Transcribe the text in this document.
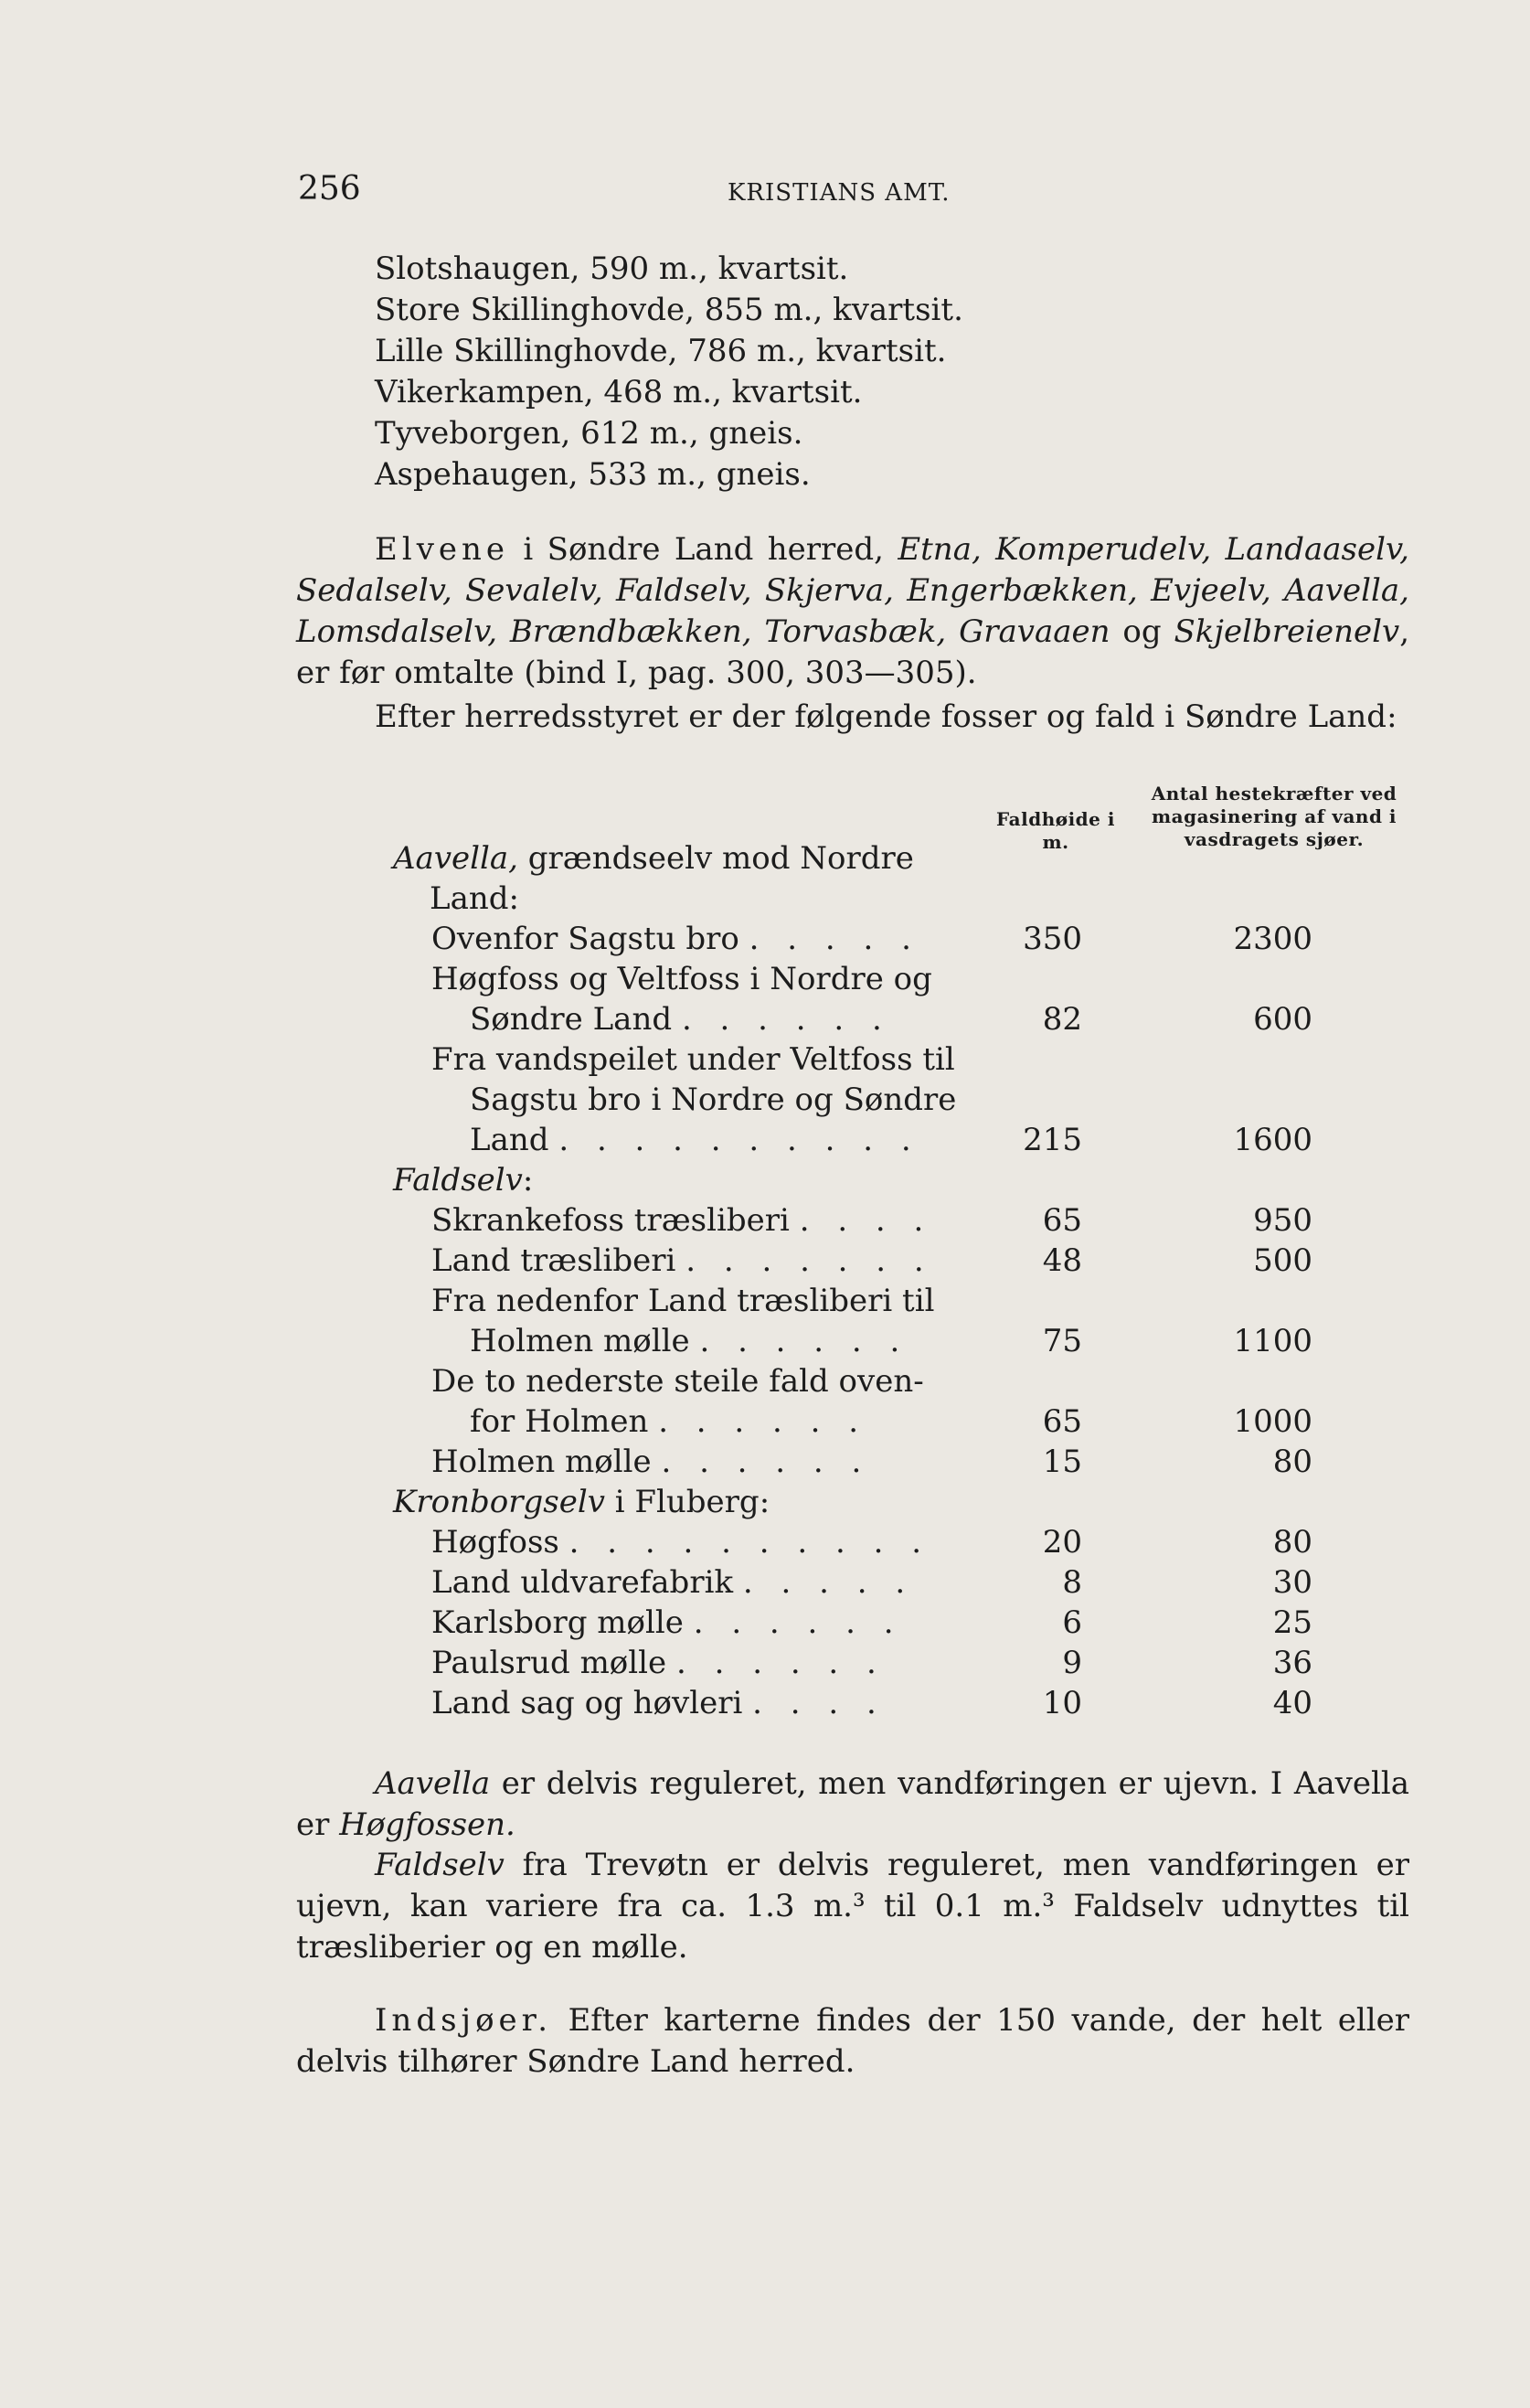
256	KRISTIANS AMT.
Slotshaugen, 590 m., kvartsit.
Store Skillinghovde, 855 m., kvartsit.
Lille Skillinghovde, 786 m., kvartsit.
Vikerkampen, 468 m., kvartsit.
Tyveborgen, 612 m., gneis.
Aspehaugen, 533 m., gneis.
Elvene i Søndre Land herred, Etna, Komperudelv, Landaaselv, Sedalselv, Sevalelv, Faldselv, Skjerva, Engerbækken, Evjeelv, Aavella, Lomsdalselv, Brændbækken, Torvasbæk, Gravaaen og Skjelbreienelv, er før omtalte (bind I, pag. 300, 303—305).
Efter herredsstyret er der følgende fosser og fald i Søndre Land:
Faldhøide i m.
Antal hestekræfter ved magasinering af vand i vasdragets sjøer.
Aavella, grændseelv mod Nordre
Land:
Ovenfor Sagstu bro . . . . .	350	2300
Høgfoss og Veltfoss i Nordre og
Søndre Land . . . . . .	82	600
Fra vandspeilet under Veltfoss til
Sagstu bro i Nordre og Søndre
Land . . . . . . . . . .	215	1600
Faldselv:
Skrankefoss træsliberi . . . .	65	950
Land træsliberi . . . . . . .	48	500
Fra nedenfor Land træsliberi til
Holmen mølle . . . . . .	75	1100
De to nederste steile fald oven-
for Holmen . . . . . .	65	1000
Holmen mølle . . . . . .	15	80
Kronborgselv i Fluberg:
Høgfoss . . . . . . . . . .	20	80
Land uldvarefabrik . . . . .	8	30
Karlsborg mølle . . . . . .	6	25
Paulsrud mølle . . . . . .	9	36
Land sag og høvleri . . . .	10	40
Aavella er delvis reguleret, men vandføringen er ujevn. I Aavella er Høgfossen.
Faldselv fra Trevøtn er delvis reguleret, men vandføringen er ujevn, kan variere fra ca. 1.3 m.³ til 0.1 m.³ Faldselv udnyttes til træsliberier og en mølle.
Indsjøer. Efter karterne findes der 150 vande, der helt eller delvis tilhører Søndre Land herred.
